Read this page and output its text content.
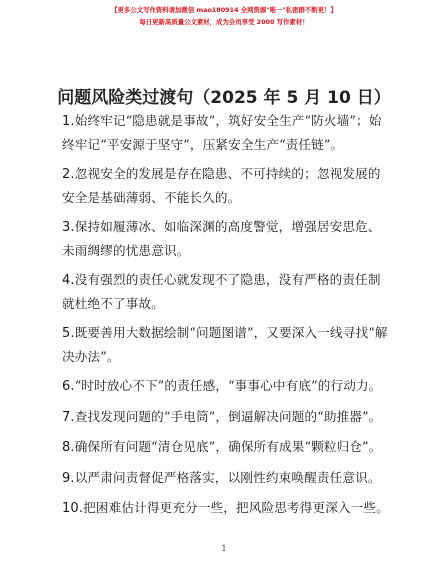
【更多公文写作资料请加微信 mao180914 全网资源"唯一"私密群不断更！】
每日更新高质量公文素材，成为会员享受 2000 写作素材！
问题风险类过渡句（2025 年 5 月 10 日）

1.始终牢记“隐患就是事故”，筑好安全生产“防火墙”；始终牢记“平安源于坚守”，压紧安全生产“责任链”。

2.忽视安全的发展是存在隐患、不可持续的；忽视发展的安全是基础薄弱、不能长久的。

3.保持如履薄冰、如临深渊的高度警觉，增强居安思危、未雨绸缪的忧患意识。

4.没有强烈的责任心就发现不了隐患，没有严格的责任制就杜绝不了事故。

5.既要善用大数据绘制“问题图谱”，又要深入一线寻找“解决办法”。

6.“时时放心不下”的责任感，“事事心中有底”的行动力。

7.查找发现问题的“手电筒”，倒逼解决问题的“助推器”。

8.确保所有问题“清仓见底”，确保所有成果“颗粒归仓”。

9.以严肃问责督促严格落实，以刚性约束唤醒责任意识。

10.把困难估计得更充分一些，把风险思考得更深入一些。

1
